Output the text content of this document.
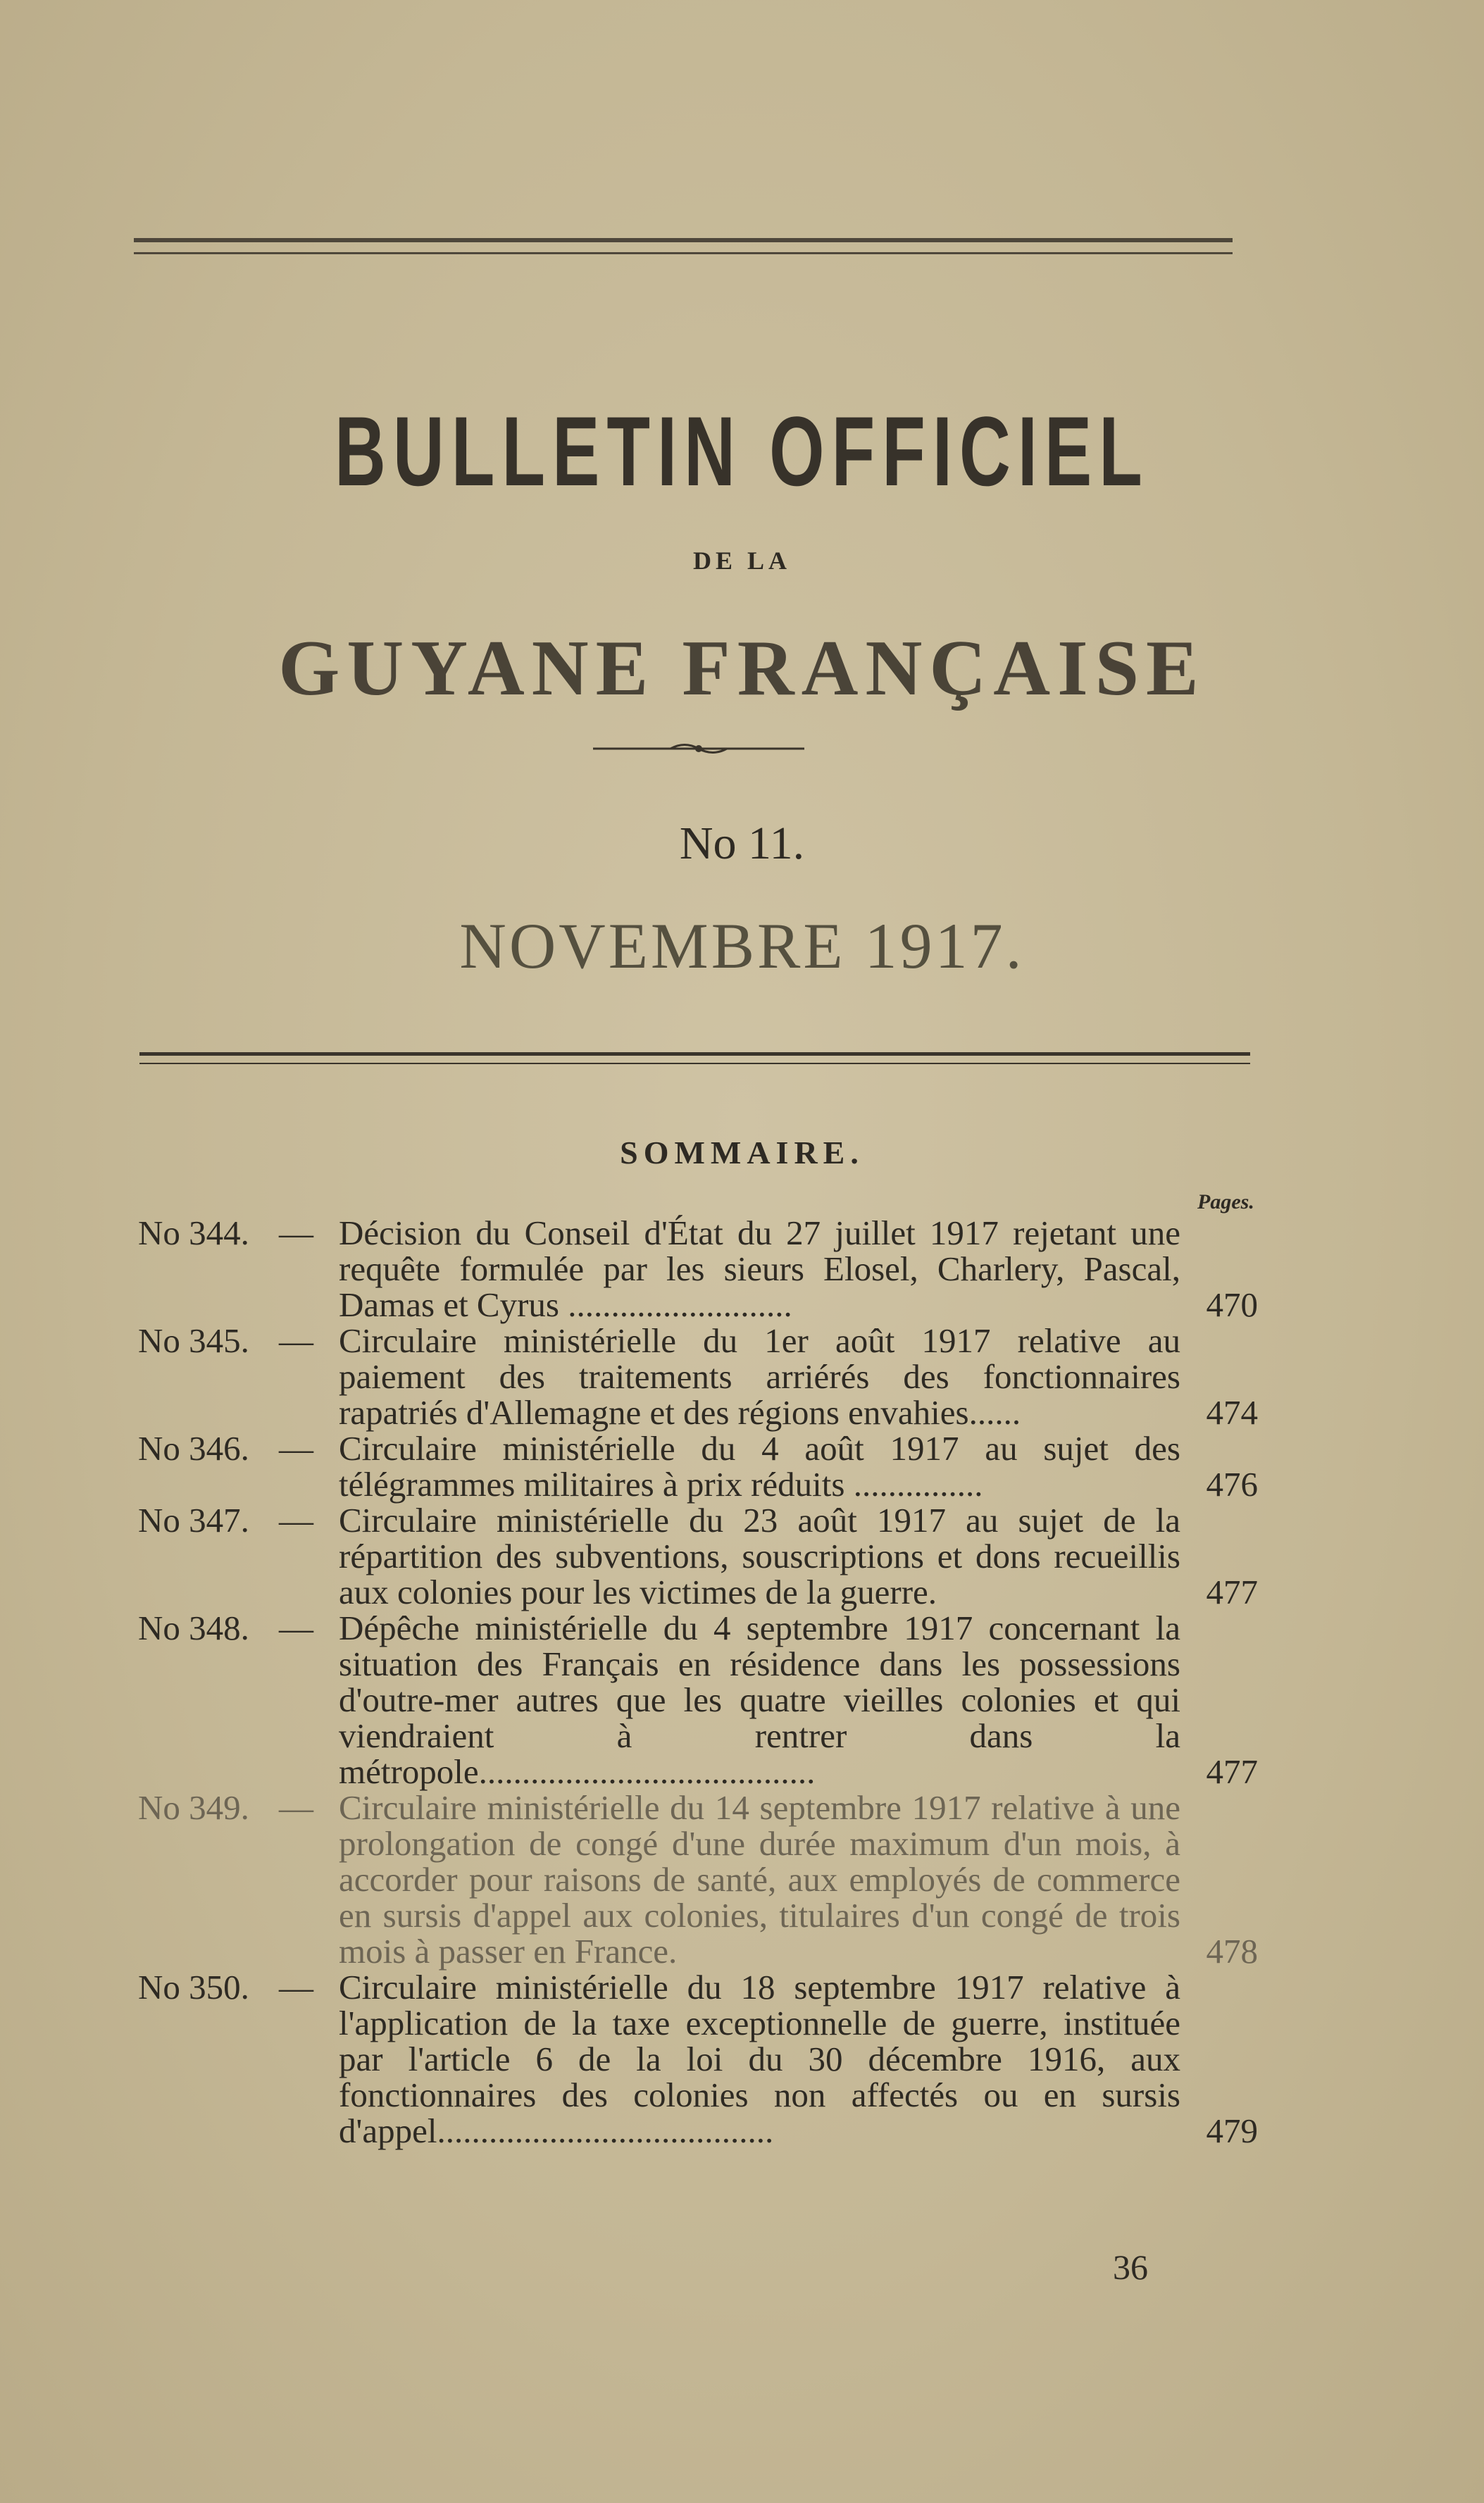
BULLETIN OFFICIEL
DE LA
GUYANE FRANÇAISE
No 11.
NOVEMBRE 1917.
SOMMAIRE.
Pages.
No 344. — Décision du Conseil d'État du 27 juillet 1917 rejetant une requête formulée par les sieurs Elosel, Charlery, Pascal, Damas et Cyrus ..........................	470
No 345. — Circulaire ministérielle du 1er août 1917 relative au paiement des traitements arriérés des fonctionnaires rapatriés d'Allemagne et des régions envahies......	474
No 346. — Circulaire ministérielle du 4 août 1917 au sujet des télégrammes militaires à prix réduits ...............	476
No 347. — Circulaire ministérielle du 23 août 1917 au sujet de la répartition des subventions, souscriptions et dons recueillis aux colonies pour les victimes de la guerre.	477
No 348. — Dépêche ministérielle du 4 septembre 1917 concernant la situation des Français en résidence dans les possessions d'outre-mer autres que les quatre vieilles colonies et qui viendraient à rentrer dans la métropole.......................................	477
No 349. — Circulaire ministérielle du 14 septembre 1917 relative à une prolongation de congé d'une durée maximum d'un mois, à accorder pour raisons de santé, aux employés de commerce en sursis d'appel aux colonies, titulaires d'un congé de trois mois à passer en France.	478
No 350. — Circulaire ministérielle du 18 septembre 1917 relative à l'application de la taxe exceptionnelle de guerre, instituée par l'article 6 de la loi du 30 décembre 1916, aux fonctionnaires des colonies non affectés ou en sursis d'appel.......................................	479
36
